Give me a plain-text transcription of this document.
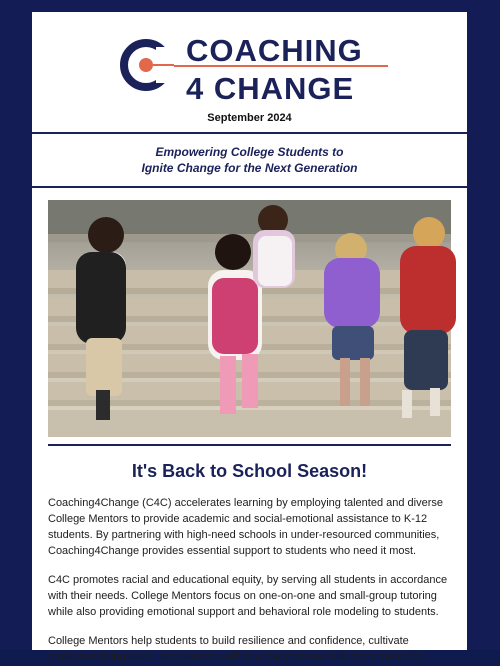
COACHING
4 CHANGE
September 2024
Empowering College Students to
Ignite Change for the Next Generation
It's Back to School Season!

Coaching4Change (C4C) accelerates learning by employing talented and diverse College Mentors to provide academic and social-emotional assistance to K-12 students. By partnering with high-need schools in under-resourced communities, Coaching4Change provides essential support to students who need it most.

C4C promotes racial and educational equity, by serving all students in accordance with their needs. College Mentors focus on one-on-one and small-group tutoring while also providing emotional support and behavioral role modeling to students.

College Mentors help students to build resilience and confidence, cultivate problem-solving skills, and practice self-advocacy; these skills translate to the
